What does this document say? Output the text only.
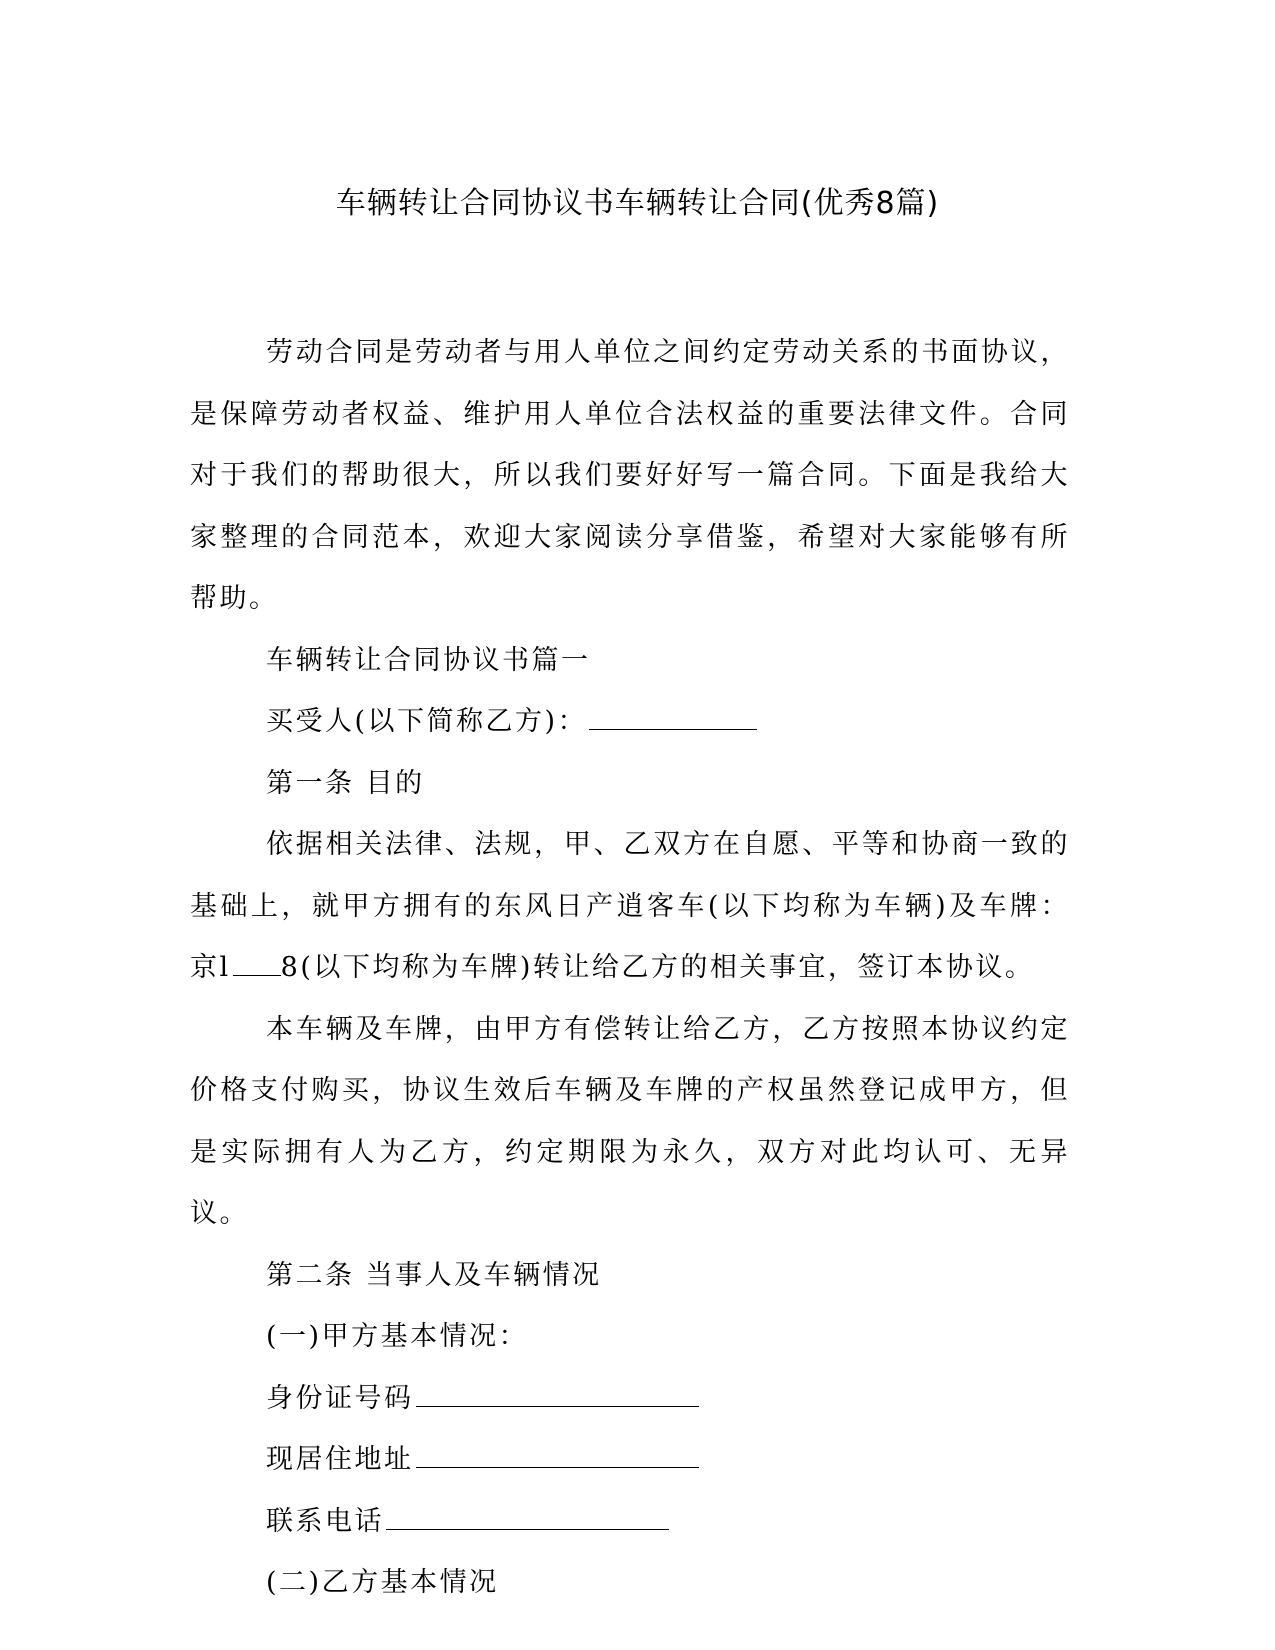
车辆转让合同协议书车辆转让合同(优秀8篇)

劳动合同是劳动者与用人单位之间约定劳动关系的书面协议，是保障劳动者权益、维护用人单位合法权益的重要法律文件。合同对于我们的帮助很大，所以我们要好好写一篇合同。下面是我给大家整理的合同范本，欢迎大家阅读分享借鉴，希望对大家能够有所帮助。

车辆转让合同协议书篇一

买受人(以下简称乙方)：

第一条 目的

依据相关法律、法规，甲、乙双方在自愿、平等和协商一致的基础上，就甲方拥有的东风日产逍客车(以下均称为车辆)及车牌：京l 8(以下均称为车牌)转让给乙方的相关事宜，签订本协议。

本车辆及车牌，由甲方有偿转让给乙方，乙方按照本协议约定价格支付购买，协议生效后车辆及车牌的产权虽然登记成甲方，但是实际拥有人为乙方，约定期限为永久，双方对此均认可、无异议。

第二条 当事人及车辆情况

(一)甲方基本情况：

身份证号码

现居住地址

联系电话

(二)乙方基本情况
